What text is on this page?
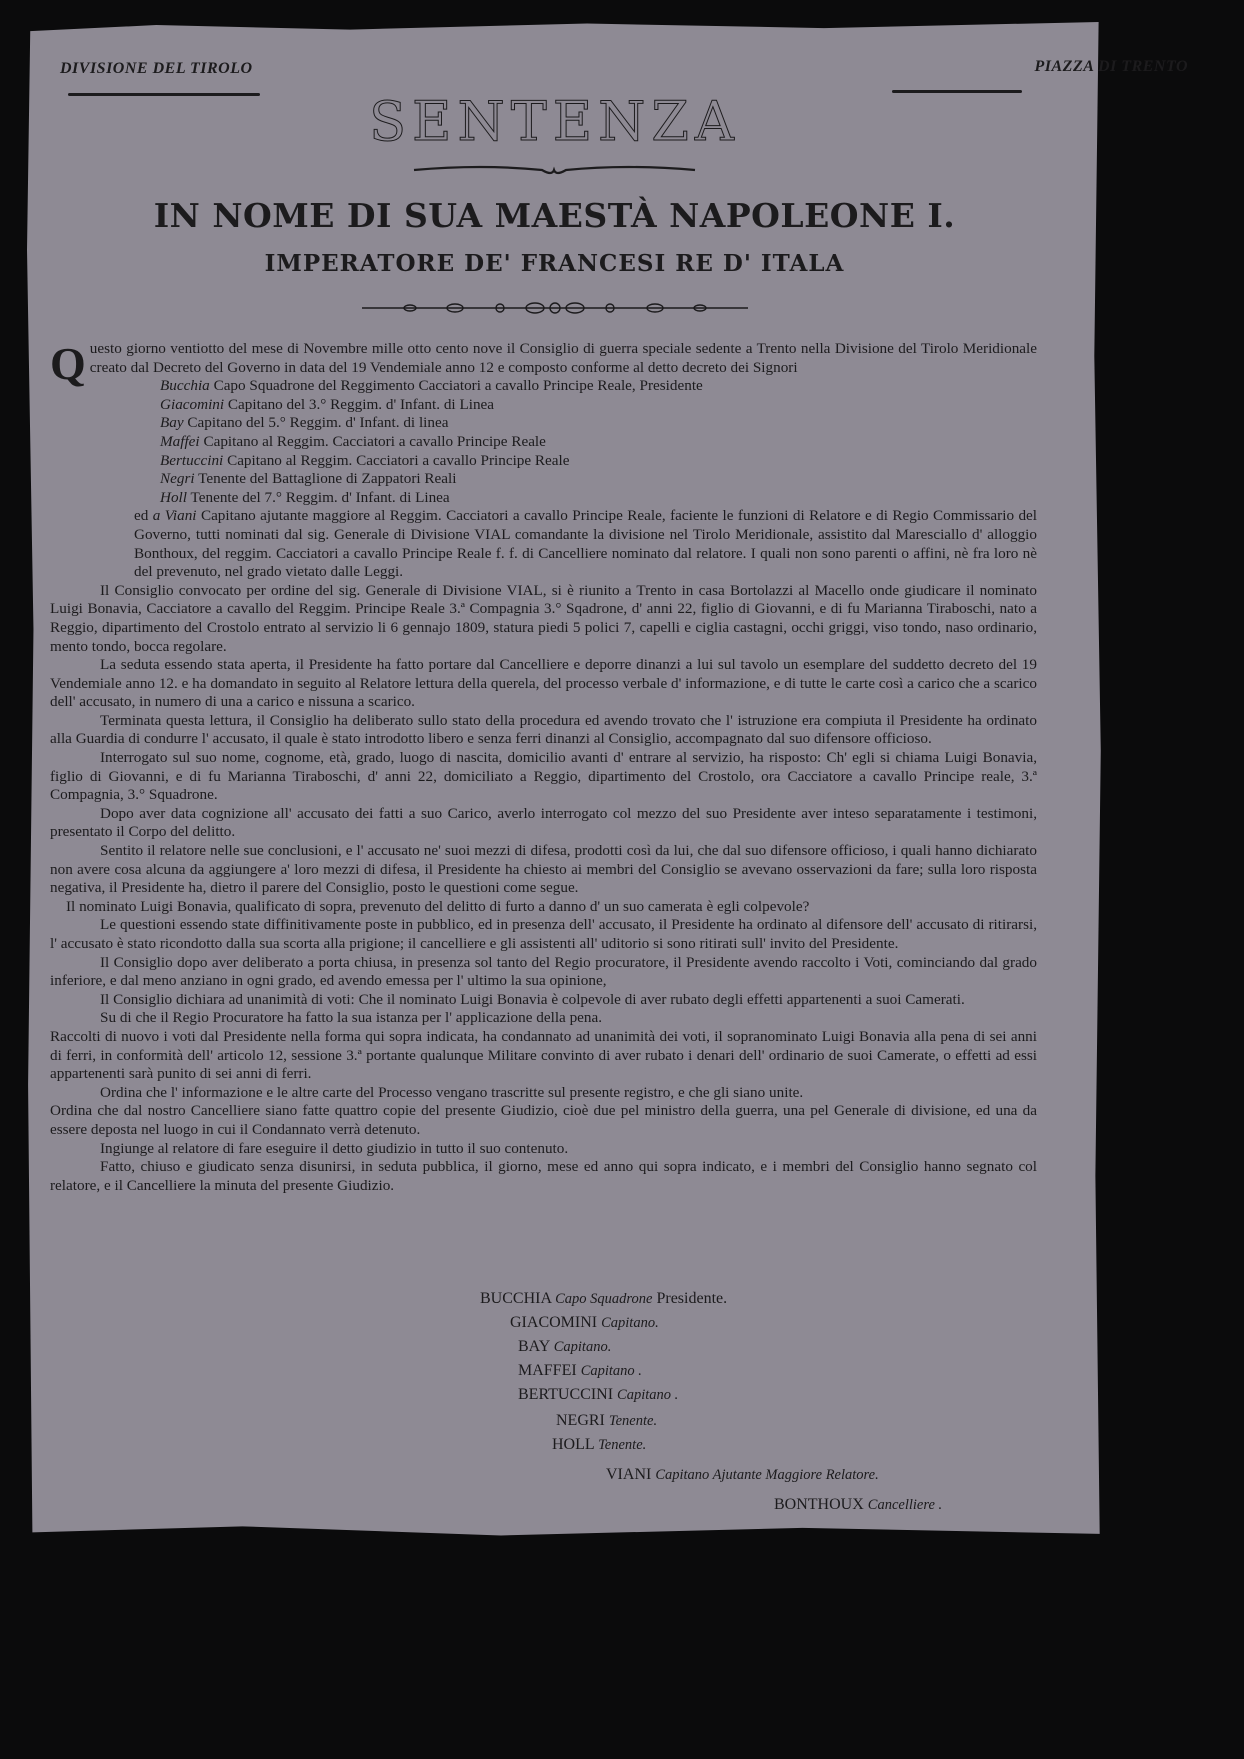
DIVISIONE DEL TIROLO	PIAZZA DI TRENTO
SENTENZA
IN NOME DI SUA MAESTÀ NAPOLEONE I.
IMPERATORE DE' FRANCESI RE D' ITALA

Questo giorno ventiotto del mese di Novembre mille otto cento nove il Consiglio di guerra speciale sedente a Trento nella Divisione del Tirolo Meridionale creato dal Decreto del Governo in data del 19 Vendemiale anno 12 e composto conforme al detto decreto dei Signori

Bucchia Capo Squadrone del Reggimento Cacciatori a cavallo Principe Reale, Presidente
Giacomini Capitano del 3.° Reggim. d' Infant. di Linea
Bay Capitano del 5.° Reggim. d' Infant. di linea
Maffei Capitano al Reggim. Cacciatori a cavallo Principe Reale
Bertuccini Capitano al Reggim. Cacciatori a cavallo Principe Reale
Negri Tenente del Battaglione di Zappatori Reali
Holl Tenente del 7.° Reggim. d' Infant. di Linea

ed a Viani Capitano ajutante maggiore al Reggim. Cacciatori a cavallo Principe Reale, faciente le funzioni di Relatore e di Regio Commissario del Governo, tutti nominati dal sig. Generale di Divisione VIAL comandante la divisione nel Tirolo Meridionale, assistito dal Maresciallo d' alloggio Bonthoux, del reggim. Cacciatori a cavallo Principe Reale f. f. di Cancelliere nominato dal relatore. I quali non sono parenti o affini, nè fra loro nè del prevenuto, nel grado vietato dalle Leggi.

Il Consiglio convocato per ordine del sig. Generale di Divisione VIAL, si è riunito a Trento in casa Bortolazzi al Macello onde giudicare il nominato Luigi Bonavia, Cacciatore a cavallo del Reggim. Principe Reale 3.ª Compagnia 3.° Sqadrone, d' anni 22, figlio di Giovanni, e di fu Marianna Tiraboschi, nato a Reggio, dipartimento del Crostolo entrato al servizio li 6 gennajo 1809, statura piedi 5 polici 7, capelli e ciglia castagni, occhi griggi, viso tondo, naso ordinario, mento tondo, bocca regolare.

La seduta essendo stata aperta, il Presidente ha fatto portare dal Cancelliere e deporre dinanzi a lui sul tavolo un esemplare del suddetto decreto del 19 Vendemiale anno 12. e ha domandato in seguito al Relatore lettura della querela, del processo verbale d' informazione, e di tutte le carte così a carico che a scarico dell' accusato, in numero di una a carico e nissuna a scarico.

Terminata questa lettura, il Consiglio ha deliberato sullo stato della procedura ed avendo trovato che l' istruzione era compiuta il Presidente ha ordinato alla Guardia di condurre l' accusato, il quale è stato introdotto libero e senza ferri dinanzi al Consiglio, accompagnato dal suo difensore officioso.

Interrogato sul suo nome, cognome, età, grado, luogo di nascita, domicilio avanti d' entrare al servizio, ha risposto: Ch' egli si chiama Luigi Bonavia, figlio di Giovanni, e di fu Marianna Tiraboschi, d' anni 22, domiciliato a Reggio, dipartimento del Crostolo, ora Cacciatore a cavallo Principe reale, 3.ª Compagnia, 3.° Squadrone.

Dopo aver data cognizione all' accusato dei fatti a suo Carico, averlo interrogato col mezzo del suo Presidente aver inteso separatamente i testimoni, presentato il Corpo del delitto.

Sentito il relatore nelle sue conclusioni, e l' accusato ne' suoi mezzi di difesa, prodotti così da lui, che dal suo difensore officioso, i quali hanno dichiarato non avere cosa alcuna da aggiungere a' loro mezzi di difesa, il Presidente ha chiesto ai membri del Consiglio se avevano osservazioni da fare; sulla loro risposta negativa, il Presidente ha, dietro il parere del Consiglio, posto le questioni come segue.

Il nominato Luigi Bonavia, qualificato di sopra, prevenuto del delitto di furto a danno d' un suo camerata è egli colpevole?

Le questioni essendo state diffinitivamente poste in pubblico, ed in presenza dell' accusato, il Presidente ha ordinato al difensore dell' accusato di ritirarsi, l' accusato è stato ricondotto dalla sua scorta alla prigione; il cancelliere e gli assistenti all' uditorio si sono ritirati sull' invito del Presidente.

Il Consiglio dopo aver deliberato a porta chiusa, in presenza sol tanto del Regio procuratore, il Presidente avendo raccolto i Voti, cominciando dal grado inferiore, e dal meno anziano in ogni grado, ed avendo emessa per l' ultimo la sua opinione,

Il Consiglio dichiara ad unanimità di voti: Che il nominato Luigi Bonavia è colpevole di aver rubato degli effetti appartenenti a suoi Camerati.

Su di che il Regio Procuratore ha fatto la sua istanza per l' applicazione della pena.

Raccolti di nuovo i voti dal Presidente nella forma qui sopra indicata, ha condannato ad unanimità dei voti, il sopranominato Luigi Bonavia alla pena di sei anni di ferri, in conformità dell' articolo 12, sessione 3.ª portante qualunque Militare convinto di aver rubato i denari dell' ordinario de suoi Camerate, o effetti ad essi appartenenti sarà punito di sei anni di ferri.

Ordina che l' informazione e le altre carte del Processo vengano trascritte sul presente registro, e che gli siano unite.

Ordina che dal nostro Cancelliere siano fatte quattro copie del presente Giudizio, cioè due pel ministro della guerra, una pel Generale di divisione, ed una da essere deposta nel luogo in cui il Condannato verrà detenuto.

Ingiunge al relatore di fare eseguire il detto giudizio in tutto il suo contenuto.

Fatto, chiuso e giudicato senza disunirsi, in seduta pubblica, il giorno, mese ed anno qui sopra indicato, e i membri del Consiglio hanno segnato col relatore, e il Cancelliere la minuta del presente Giudizio.

BUCCHIA Capo Squadrone Presidente.
GIACOMINI Capitano.
BAY Capitano.
MAFFEI Capitano .
BERTUCCINI Capitano .
NEGRI Tenente.
HOLL Tenente.
VIANI Capitano Ajutante Maggiore Relatore.
BONTHOUX Cancelliere .
